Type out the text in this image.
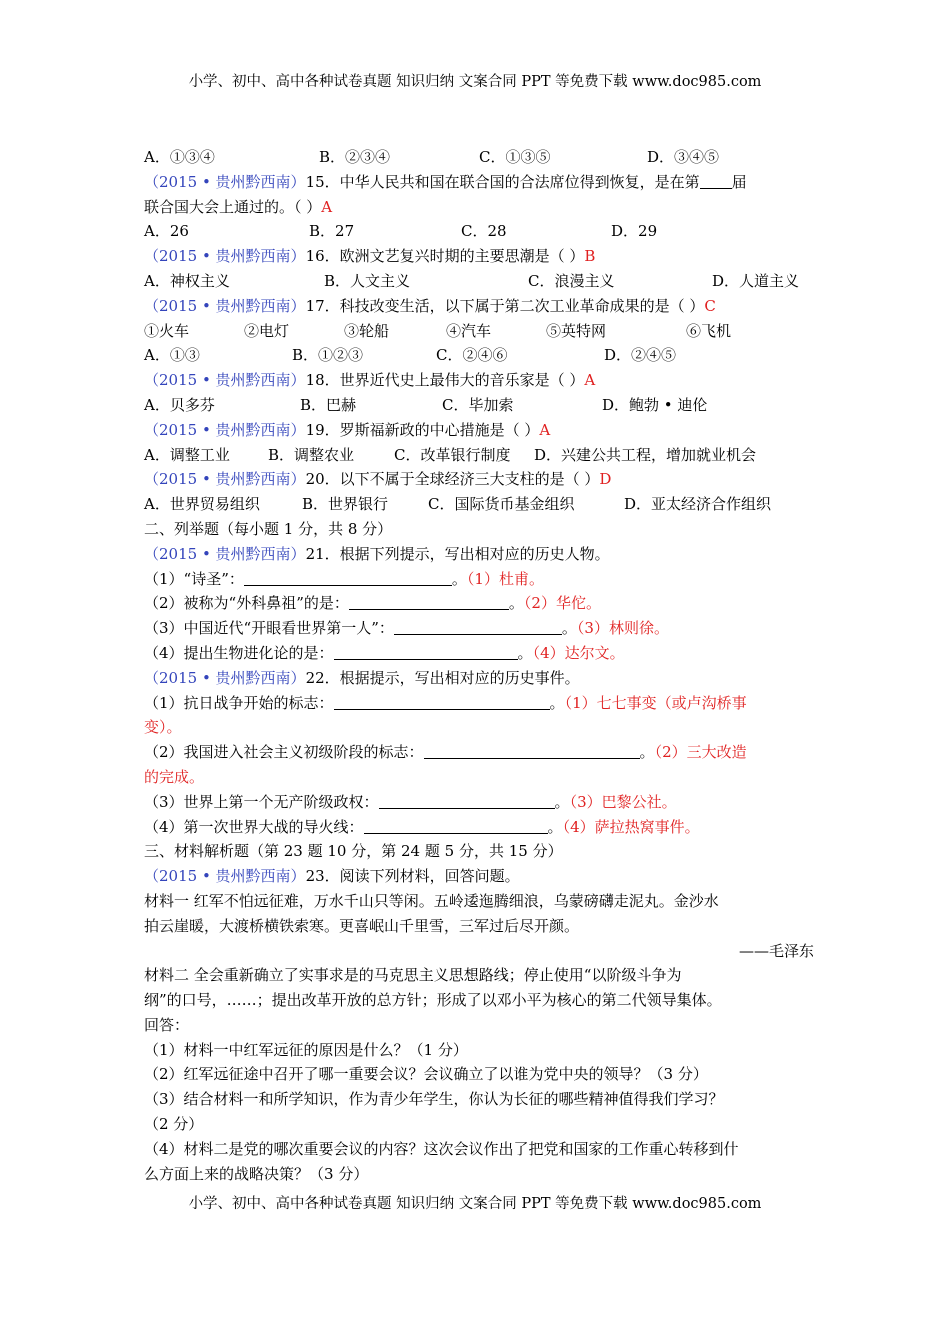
小学、初中、高中各种试卷真题 知识归纳 文案合同 PPT 等免费下载 www.doc985.com
A．①③④	B．②③④	C．①③⑤	D．③④⑤
（2015 • 贵州黔西南）15．中华人民共和国在联合国的合法席位得到恢复，是在第 届
联合国大会上通过的。（ ）A
A．26	B．27	C．28	D．29
（2015 • 贵州黔西南）16．欧洲文艺复兴时期的主要思潮是（ ）B
A．神权主义	B．人文主义	C．浪漫主义	D．人道主义
（2015 • 贵州黔西南）17．科技改变生活，以下属于第二次工业革命成果的是（ ）C
①火车	②电灯	③轮船	④汽车	⑤英特网	⑥飞机
A．①③	B．①②③	C．②④⑥	D．②④⑤
（2015 • 贵州黔西南）18．世界近代史上最伟大的音乐家是（ ）A
A．贝多芬	B．巴赫	C．毕加索	D．鲍勃 • 迪伦
（2015 • 贵州黔西南）19．罗斯福新政的中心措施是（ ）A
A．调整工业	B．调整农业	C．改革银行制度	D．兴建公共工程，增加就业机会
（2015 • 贵州黔西南）20．以下不属于全球经济三大支柱的是（ ）D
A．世界贸易组织	B．世界银行	C．国际货币基金组织	D．亚太经济合作组织
二、列举题（每小题 1 分，共 8 分）
（2015 • 贵州黔西南）21．根据下列提示，写出相对应的历史人物。
（1）“诗圣”：	。（1）杜甫。
（2）被称为“外科鼻祖”的是：	。（2）华佗。
（3）中国近代“开眼看世界第一人”：	。（3）林则徐。
（4）提出生物进化论的是：	。（4）达尔文。
（2015 • 贵州黔西南）22．根据提示，写出相对应的历史事件。
（1）抗日战争开始的标志：	。（1）七七事变（或卢沟桥事
变）。
（2）我国进入社会主义初级阶段的标志：	。（2）三大改造
的完成。
（3）世界上第一个无产阶级政权：	。（3）巴黎公社。
（4）第一次世界大战的导火线：	。（4）萨拉热窝事件。
三、材料解析题（第 23 题 10 分，第 24 题 5 分，共 15 分）
（2015 • 贵州黔西南）23．阅读下列材料，回答问题。
材料一 红军不怕远征难，万水千山只等闲。五岭逶迤腾细浪，乌蒙磅礴走泥丸。金沙水
拍云崖暖，大渡桥横铁索寒。更喜岷山千里雪，三军过后尽开颜。
——毛泽东
材料二 全会重新确立了实事求是的马克思主义思想路线；停止使用“以阶级斗争为
纲”的口号，……；提出改革开放的总方针；形成了以邓小平为核心的第二代领导集体。
回答：
（1）材料一中红军远征的原因是什么？（1 分）
（2）红军远征途中召开了哪一重要会议？会议确立了以谁为党中央的领导？（3 分）
（3）结合材料一和所学知识，作为青少年学生，你认为长征的哪些精神值得我们学习？
（2 分）
（4）材料二是党的哪次重要会议的内容？这次会议作出了把党和国家的工作重心转移到什
么方面上来的战略决策？（3 分）
小学、初中、高中各种试卷真题 知识归纳 文案合同 PPT 等免费下载 www.doc985.com
